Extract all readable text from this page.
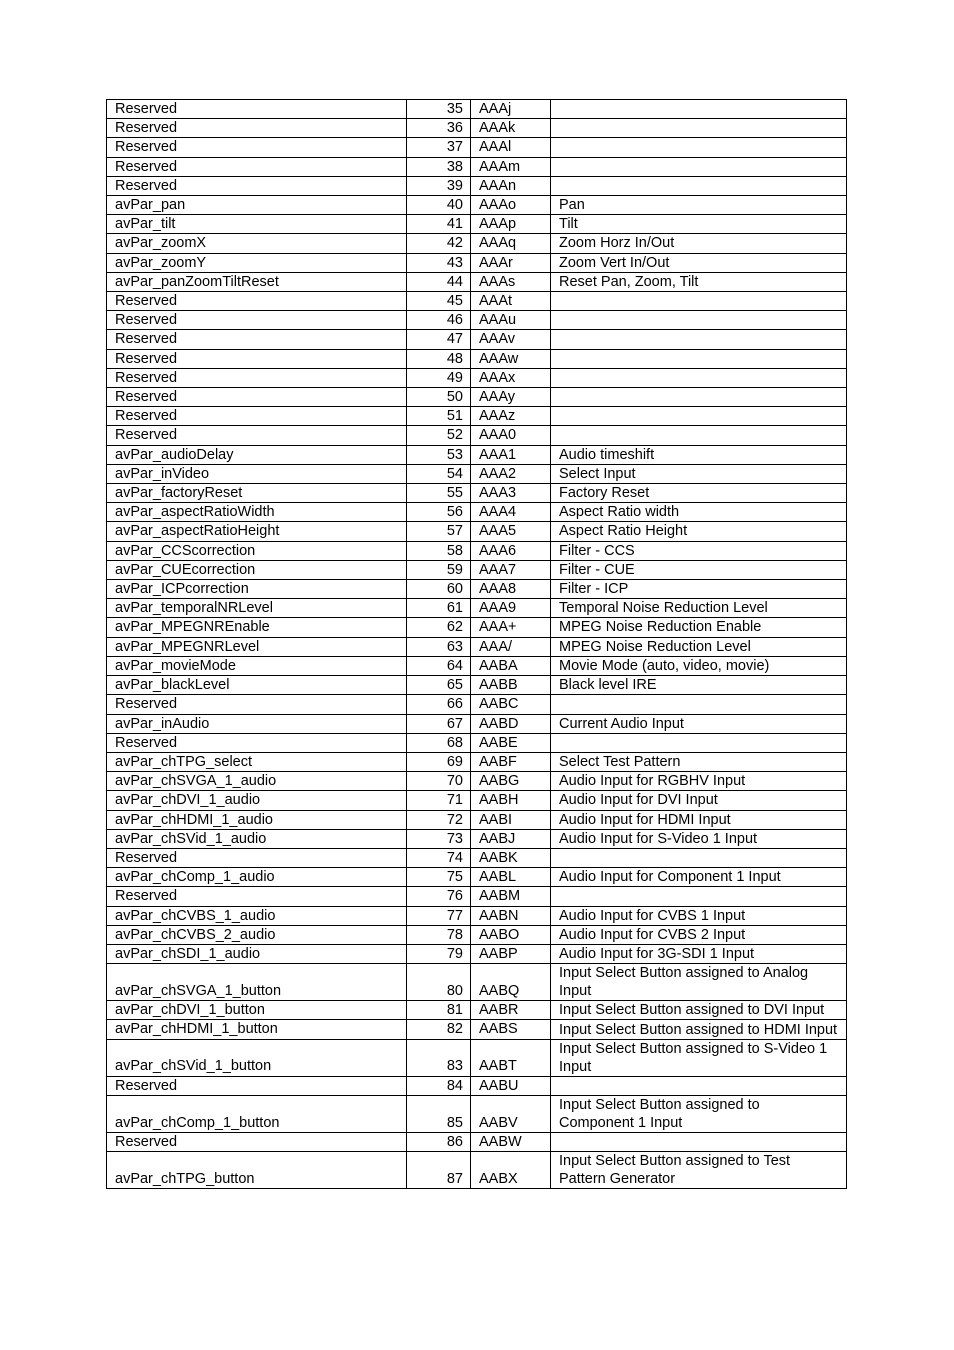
Reserved	35	AAAj	
Reserved	36	AAAk	
Reserved	37	AAAl	
Reserved	38	AAAm	
Reserved	39	AAAn	
avPar_pan	40	AAAo	Pan
avPar_tilt	41	AAAp	Tilt
avPar_zoomX	42	AAAq	Zoom Horz In/Out
avPar_zoomY	43	AAAr	Zoom Vert In/Out
avPar_panZoomTiltReset	44	AAAs	Reset Pan, Zoom, Tilt
Reserved	45	AAAt	
Reserved	46	AAAu	
Reserved	47	AAAv	
Reserved	48	AAAw	
Reserved	49	AAAx	
Reserved	50	AAAy	
Reserved	51	AAAz	
Reserved	52	AAA0	
avPar_audioDelay	53	AAA1	Audio timeshift
avPar_inVideo	54	AAA2	Select Input
avPar_factoryReset	55	AAA3	Factory Reset
avPar_aspectRatioWidth	56	AAA4	Aspect Ratio width
avPar_aspectRatioHeight	57	AAA5	Aspect Ratio Height
avPar_CCScorrection	58	AAA6	Filter - CCS
avPar_CUEcorrection	59	AAA7	Filter - CUE
avPar_ICPcorrection	60	AAA8	Filter - ICP
avPar_temporalNRLevel	61	AAA9	Temporal Noise Reduction Level
avPar_MPEGNREnable	62	AAA+	MPEG Noise Reduction Enable
avPar_MPEGNRLevel	63	AAA/	MPEG Noise Reduction Level
avPar_movieMode	64	AABA	Movie Mode (auto, video, movie)
avPar_blackLevel	65	AABB	Black level IRE
Reserved	66	AABC	
avPar_inAudio	67	AABD	Current Audio Input
Reserved	68	AABE	
avPar_chTPG_select	69	AABF	Select Test Pattern
avPar_chSVGA_1_audio	70	AABG	Audio Input for RGBHV Input
avPar_chDVI_1_audio	71	AABH	Audio Input for DVI Input
avPar_chHDMI_1_audio	72	AABI	Audio Input for HDMI Input
avPar_chSVid_1_audio	73	AABJ	Audio Input for S-Video 1 Input
Reserved	74	AABK	
avPar_chComp_1_audio	75	AABL	Audio Input for Component 1 Input
Reserved	76	AABM	
avPar_chCVBS_1_audio	77	AABN	Audio Input for CVBS 1 Input
avPar_chCVBS_2_audio	78	AABO	Audio Input for CVBS 2 Input
avPar_chSDI_1_audio	79	AABP	Audio Input for 3G-SDI 1 Input
avPar_chSVGA_1_button	80	AABQ	Input Select Button assigned to Analog Input
avPar_chDVI_1_button	81	AABR	Input Select Button assigned to DVI Input
avPar_chHDMI_1_button	82	AABS	Input Select Button assigned to HDMI Input
avPar_chSVid_1_button	83	AABT	Input Select Button assigned to S-Video 1 Input
Reserved	84	AABU	
avPar_chComp_1_button	85	AABV	Input Select Button assigned to Component 1 Input
Reserved	86	AABW	
avPar_chTPG_button	87	AABX	Input Select Button assigned to Test Pattern Generator
